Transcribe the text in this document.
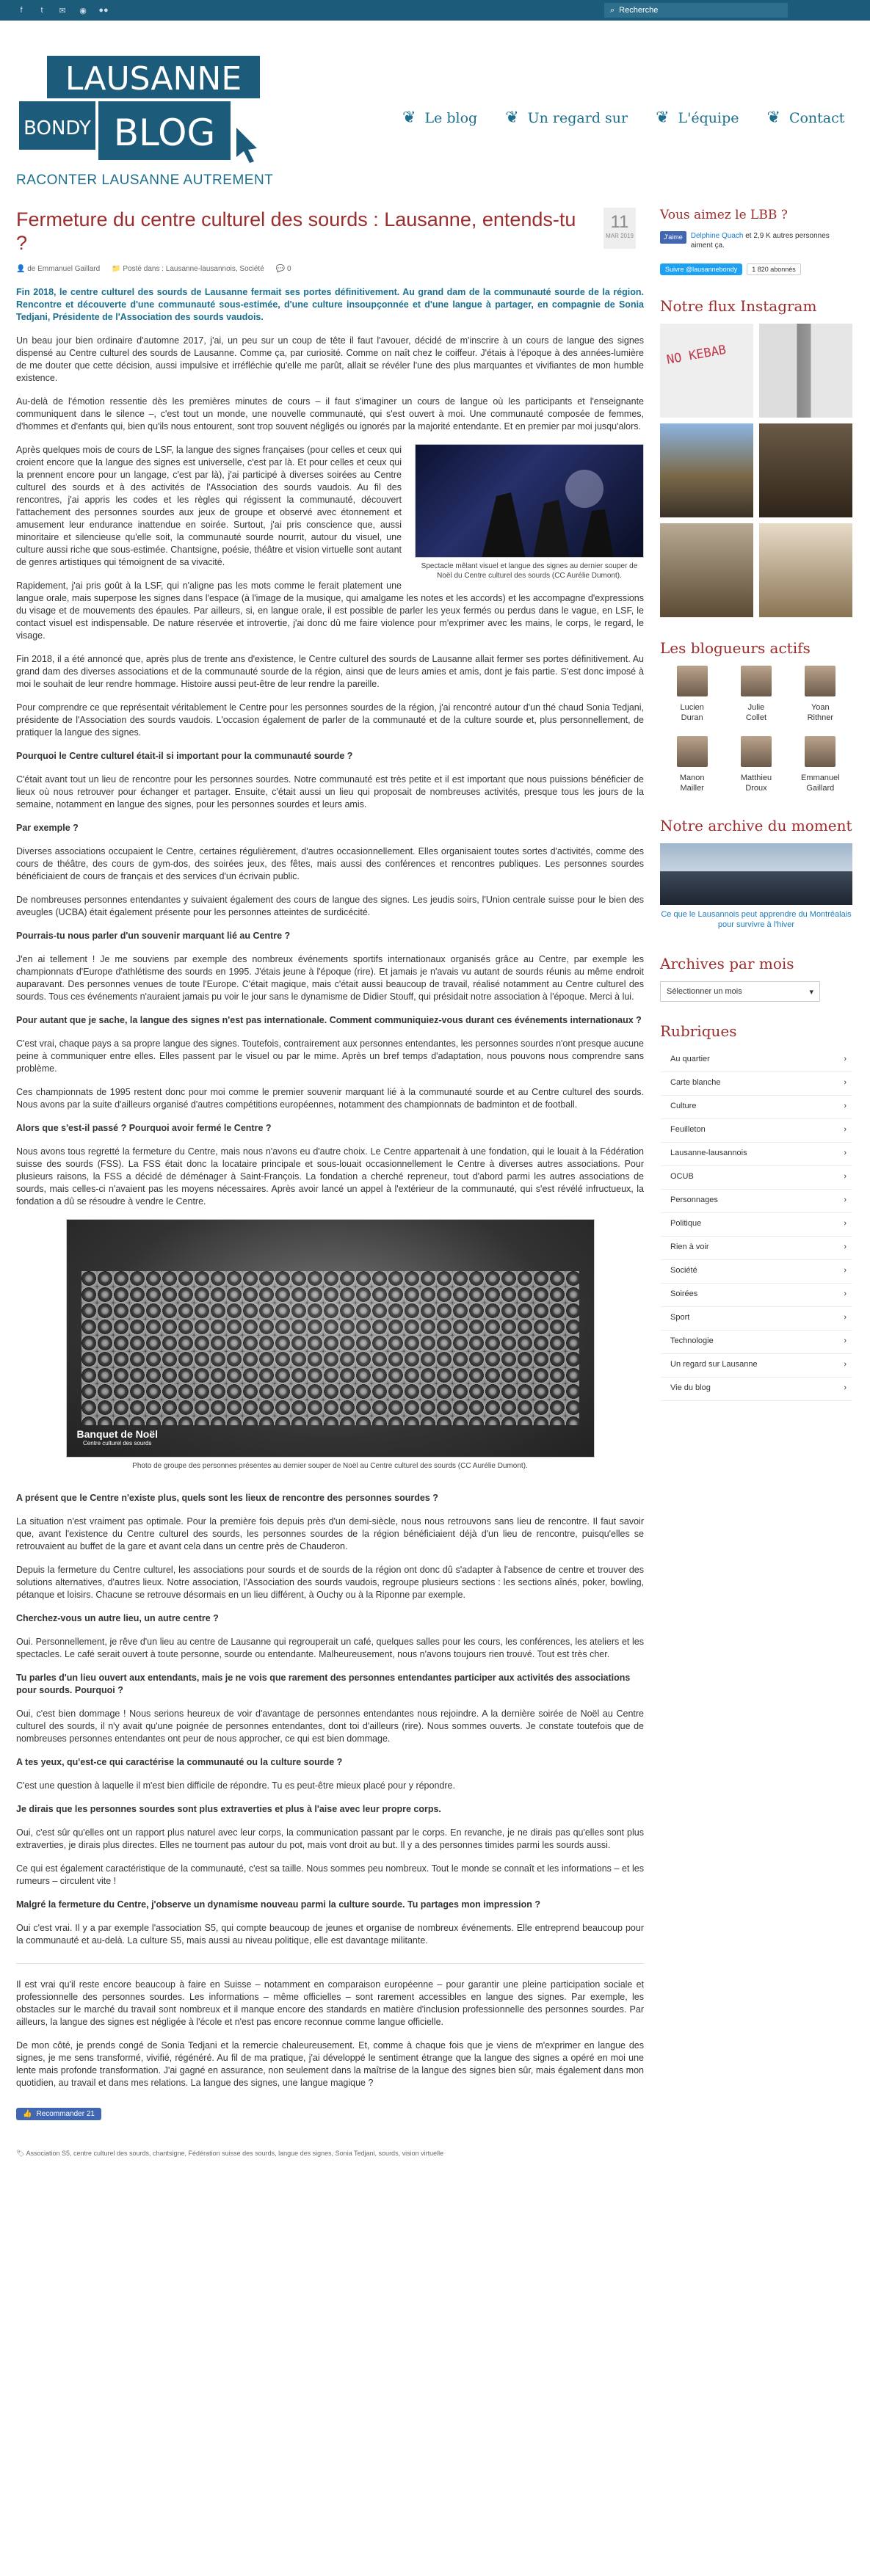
f	t	✉ ◉ ●●	⌕ Recherche
LAUSANNE
BONDY BLOG
RACONTER LAUSANNE AUTREMENT
❦ Le blog ❦ Un regard sur ❦ L'équipe ❦ Contact
Fermeture du centre culturel des sourds : Lausanne, entends-tu ?
11
MAR 2019
👤 de Emmanuel Gaillard 📁 Posté dans : Lausanne-lausannois, Société 💬 0

Fin 2018, le centre culturel des sourds de Lausanne fermait ses portes définitivement. Au grand dam de la communauté sourde de la région. Rencontre et découverte d'une communauté sous-estimée, d'une culture insoupçonnée et d'une langue à partager, en compagnie de Sonia Tedjani, Présidente de l'Association des sourds vaudois.

Un beau jour bien ordinaire d'automne 2017, j'ai, un peu sur un coup de tête il faut l'avouer, décidé de m'inscrire à un cours de langue des signes dispensé au Centre culturel des sourds de Lausanne. Comme ça, par curiosité. Comme on naît chez le coiffeur. J'étais à l'époque à des années-lumière de me douter que cette décision, aussi impulsive et irréfléchie qu'elle me parût, allait se révéler l'une des plus marquantes et vivifiantes de mon humble existence.

Au-delà de l'émotion ressentie dès les premières minutes de cours – il faut s'imaginer un cours de langue où les participants et l'enseignante communiquent dans le silence –, c'est tout un monde, une nouvelle communauté, qui s'est ouvert à moi. Une communauté composée de femmes, d'hommes et d'enfants qui, bien qu'ils nous entourent, sont trop souvent négligés ou ignorés par la majorité entendante. Et en premier par moi jusqu'alors.

Spectacle mêlant visuel et langue des signes au dernier souper de Noël du Centre culturel des sourds (CC Aurélie Dumont).

Après quelques mois de cours de LSF, la langue des signes françaises (pour celles et ceux qui croient encore que la langue des signes est universelle, c'est par là. Et pour celles et ceux qui la prennent encore pour un langage, c'est par là), j'ai participé à diverses soirées au Centre culturel des sourds et à des activités de l'Association des sourds vaudois. Au fil des rencontres, j'ai appris les codes et les règles qui régissent la communauté, découvert l'attachement des personnes sourdes aux jeux de groupe et observé avec étonnement et amusement leur endurance inattendue en soirée. Surtout, j'ai pris conscience que, aussi minoritaire et silencieuse qu'elle soit, la communauté sourde nourrit, autour du visuel, une culture aussi riche que sous-estimée. Chantsigne, poésie, théâtre et vision virtuelle sont autant de genres artistiques qui témoignent de sa vivacité.

Rapidement, j'ai pris goût à la LSF, qui n'aligne pas les mots comme le ferait platement une langue orale, mais superpose les signes dans l'espace (à l'image de la musique, qui amalgame les notes et les accords) et les accompagne d'expressions du visage et de mouvements des épaules. Par ailleurs, si, en langue orale, il est possible de parler les yeux fermés ou perdus dans le vague, en LSF, le contact visuel est indispensable. De nature réservée et introvertie, j'ai donc dû me faire violence pour m'exprimer avec les mains, le corps, le regard, le visage.

Fin 2018, il a été annoncé que, après plus de trente ans d'existence, le Centre culturel des sourds de Lausanne allait fermer ses portes définitivement. Au grand dam des diverses associations et de la communauté sourde de la région, ainsi que de leurs amies et amis, dont je fais partie. S'est donc imposé à moi le souhait de leur rendre hommage. Histoire aussi peut-être de leur rendre la pareille.

Pour comprendre ce que représentait véritablement le Centre pour les personnes sourdes de la région, j'ai rencontré autour d'un thé chaud Sonia Tedjani, présidente de l'Association des sourds vaudois. L'occasion également de parler de la communauté et de la culture sourde et, plus personnellement, de pratiquer la langue des signes.

Pourquoi le Centre culturel était-il si important pour la communauté sourde ?

C'était avant tout un lieu de rencontre pour les personnes sourdes. Notre communauté est très petite et il est important que nous puissions bénéficier de lieux où nous retrouver pour échanger et partager. Ensuite, c'était aussi un lieu qui proposait de nombreuses activités, presque tous les jours de la semaine, notamment en langue des signes, pour les personnes sourdes et leurs amis.

Par exemple ?

Diverses associations occupaient le Centre, certaines régulièrement, d'autres occasionnellement. Elles organisaient toutes sortes d'activités, comme des cours de théâtre, des cours de gym-dos, des soirées jeux, des fêtes, mais aussi des conférences et rencontres publiques. Les personnes sourdes bénéficiaient de cours de français et des services d'un écrivain public.

De nombreuses personnes entendantes y suivaient également des cours de langue des signes. Les jeudis soirs, l'Union centrale suisse pour le bien des aveugles (UCBA) était également présente pour les personnes atteintes de surdicécité.

Pourrais-tu nous parler d'un souvenir marquant lié au Centre ?

J'en ai tellement ! Je me souviens par exemple des nombreux événements sportifs internationaux organisés grâce au Centre, par exemple les championnats d'Europe d'athlétisme des sourds en 1995. J'étais jeune à l'époque (rire). Et jamais je n'avais vu autant de sourds réunis au même endroit auparavant. Des personnes venues de toute l'Europe. C'était magique, mais c'était aussi beaucoup de travail, réalisé notamment au Centre culturel des sourds. Tous ces événements n'auraient jamais pu voir le jour sans le dynamisme de Didier Stouff, qui présidait notre association à l'époque. Merci à lui.

Pour autant que je sache, la langue des signes n'est pas internationale. Comment communiquiez-vous durant ces événements internationaux ?

C'est vrai, chaque pays a sa propre langue des signes. Toutefois, contrairement aux personnes entendantes, les personnes sourdes n'ont presque aucune peine à communiquer entre elles. Elles passent par le visuel ou par le mime. Après un bref temps d'adaptation, nous pouvons nous comprendre sans problème.

Ces championnats de 1995 restent donc pour moi comme le premier souvenir marquant lié à la communauté sourde et au Centre culturel des sourds. Nous avons par la suite d'ailleurs organisé d'autres compétitions européennes, notamment des championnats de badminton et de football.

Alors que s'est-il passé ? Pourquoi avoir fermé le Centre ?

Nous avons tous regretté la fermeture du Centre, mais nous n'avons eu d'autre choix. Le Centre appartenait à une fondation, qui le louait à la Fédération suisse des sourds (FSS). La FSS était donc la locataire principale et sous-louait occasionnellement le Centre à diverses autres associations. Pour plusieurs raisons, la FSS a décidé de déménager à Saint-François. La fondation a cherché repreneur, tout d'abord parmi les autres associations de sourds, mais celles-ci n'avaient pas les moyens nécessaires. Après avoir lancé un appel à l'extérieur de la communauté, qui s'est révélé infructueux, la fondation a dû se résoudre à vendre le Centre.

Banquet de Noël
Centre culturel des sourds
Photo de groupe des personnes présentes au dernier souper de Noël au Centre culturel des sourds (CC Aurélie Dumont).
A présent que le Centre n'existe plus, quels sont les lieux de rencontre des personnes sourdes ?

La situation n'est vraiment pas optimale. Pour la première fois depuis près d'un demi-siècle, nous nous retrouvons sans lieu de rencontre. Il faut savoir que, avant l'existence du Centre culturel des sourds, les personnes sourdes de la région bénéficiaient déjà d'un lieu de rencontre, puisqu'elles se retrouvaient au buffet de la gare et avant cela dans un centre près de Chauderon.

Depuis la fermeture du Centre culturel, les associations pour sourds et de sourds de la région ont donc dû s'adapter à l'absence de centre et trouver des solutions alternatives, d'autres lieux. Notre association, l'Association des sourds vaudois, regroupe plusieurs sections : les sections aînés, poker, bowling, pétanque et loisirs. Chacune se retrouve désormais en un lieu différent, à Ouchy ou à la Riponne par exemple.

Cherchez-vous un autre lieu, un autre centre ?

Oui. Personnellement, je rêve d'un lieu au centre de Lausanne qui regrouperait un café, quelques salles pour les cours, les conférences, les ateliers et les spectacles. Le café serait ouvert à toute personne, sourde ou entendante. Malheureusement, nous n'avons toujours rien trouvé. Tout est très cher.

Tu parles d'un lieu ouvert aux entendants, mais je ne vois que rarement des personnes entendantes participer aux activités des associations pour sourds. Pourquoi ?

Oui, c'est bien dommage ! Nous serions heureux de voir d'avantage de personnes entendantes nous rejoindre. A la dernière soirée de Noël au Centre culturel des sourds, il n'y avait qu'une poignée de personnes entendantes, dont toi d'ailleurs (rire). Nous sommes ouverts. Je constate toutefois que de nombreuses personnes entendantes ont peur de nous approcher, ce qui est bien dommage.

A tes yeux, qu'est-ce qui caractérise la communauté ou la culture sourde ?

C'est une question à laquelle il m'est bien difficile de répondre. Tu es peut-être mieux placé pour y répondre.

Je dirais que les personnes sourdes sont plus extraverties et plus à l'aise avec leur propre corps.

Oui, c'est sûr qu'elles ont un rapport plus naturel avec leur corps, la communication passant par le corps. En revanche, je ne dirais pas qu'elles sont plus extraverties, je dirais plus directes. Elles ne tournent pas autour du pot, mais vont droit au but. Il y a des personnes timides parmi les sourds aussi.

Ce qui est également caractéristique de la communauté, c'est sa taille. Nous sommes peu nombreux. Tout le monde se connaît et les informations – et les rumeurs – circulent vite !

Malgré la fermeture du Centre, j'observe un dynamisme nouveau parmi la culture sourde. Tu partages mon impression ?

Oui c'est vrai. Il y a par exemple l'association S5, qui compte beaucoup de jeunes et organise de nombreux événements. Elle entreprend beaucoup pour la communauté et au-delà. La culture S5, mais aussi au niveau politique, elle est davantage militante.

Il est vrai qu'il reste encore beaucoup à faire en Suisse – notamment en comparaison européenne – pour garantir une pleine participation sociale et professionnelle des personnes sourdes. Les informations – même officielles – sont rarement accessibles en langue des signes. Par exemple, les obstacles sur le marché du travail sont nombreux et il manque encore des standards en matière d'inclusion professionnelle des personnes sourdes. Par ailleurs, la langue des signes est négligée à l'école et n'est pas encore reconnue comme langue officielle.

De mon côté, je prends congé de Sonia Tedjani et la remercie chaleureusement. Et, comme à chaque fois que je viens de m'exprimer en langue des signes, je me sens transformé, vivifié, régénéré. Au fil de ma pratique, j'ai développé le sentiment étrange que la langue des signes a opéré en moi une lente mais profonde transformation. J'ai gagné en assurance, non seulement dans la maîtrise de la langue des signes bien sûr, mais également dans mon quotidien, au travail et dans mes relations. La langue des signes, une langue magique ?

👍 Recommander 21
🏷 Association S5, centre culturel des sourds, chantsigne, Fédération suisse des sourds, langue des signes, Sonia Tedjani, sourds, vision virtuelle
Vous aimez le LBB ?
J'aime	Delphine Quach et 2,9 K autres personnes aiment ça.
Suivre @lausannebondy	1 820 abonnés
Notre flux Instagram
NO KEBAB
Les blogueurs actifs
Lucien
Duran
Julie
Collet
Yoan
Rithner
Manon
Mailler
Matthieu
Droux
Emmanuel
Gaillard
Notre archive du moment
Ce que le Lausannois peut apprendre du Montréalais pour survivre à l'hiver
Archives par mois
Sélectionner un mois	▾
Rubriques
Au quartier	›
Carte blanche	›
Culture	›
Feuilleton	›
Lausanne-lausannois	›
OCUB	›
Personnages	›
Politique	›
Rien à voir	›
Société	›
Soirées	›
Sport	›
Technologie	›
Un regard sur Lausanne	›
Vie du blog	›
